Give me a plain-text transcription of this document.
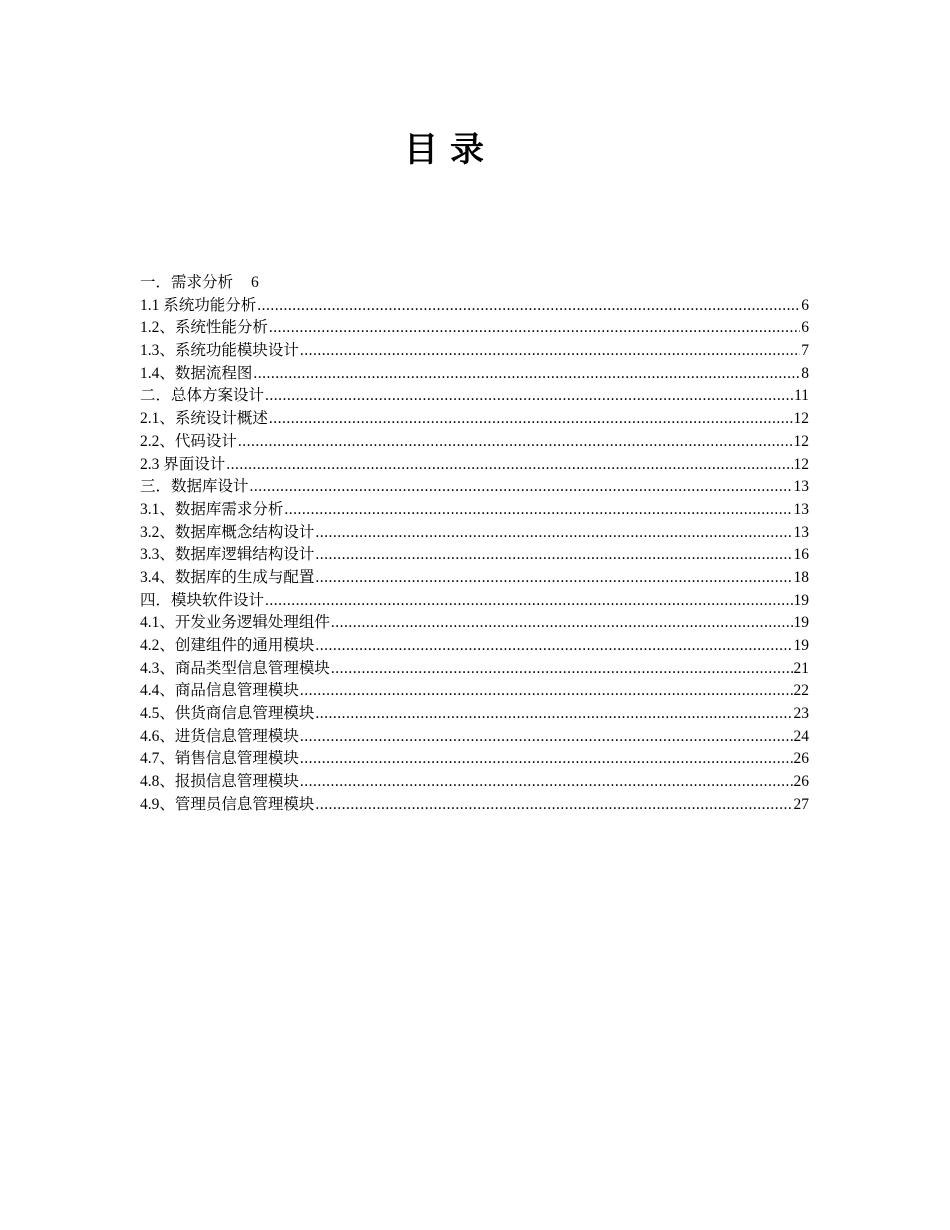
目录
一．需求分析 6
1.1 系统功能分析 .....	6
1.2、系统性能分析 .....	6
1.3、系统功能模块设计 .....	7
1.4、数据流程图 .....	8
二．总体方案设计 .....	11
2.1、系统设计概述 .....	12
2.2、代码设计 .....	12
2.3 界面设计 .....	12
三．数据库设计 .....	13
3.1、数据库需求分析 .....	13
3.2、数据库概念结构设计 .....	13
3.3、数据库逻辑结构设计 .....	16
3.4、数据库的生成与配置 .....	18
四．模块软件设计 .....	19
4.1、开发业务逻辑处理组件 .....	19
4.2、创建组件的通用模块 .....	19
4.3、商品类型信息管理模块 .....	21
4.4、商品信息管理模块 .....	22
4.5、供货商信息管理模块 .....	23
4.6、进货信息管理模块 .....	24
4.7、销售信息管理模块 .....	26
4.8、报损信息管理模块 .....	26
4.9、管理员信息管理模块 .....	27
